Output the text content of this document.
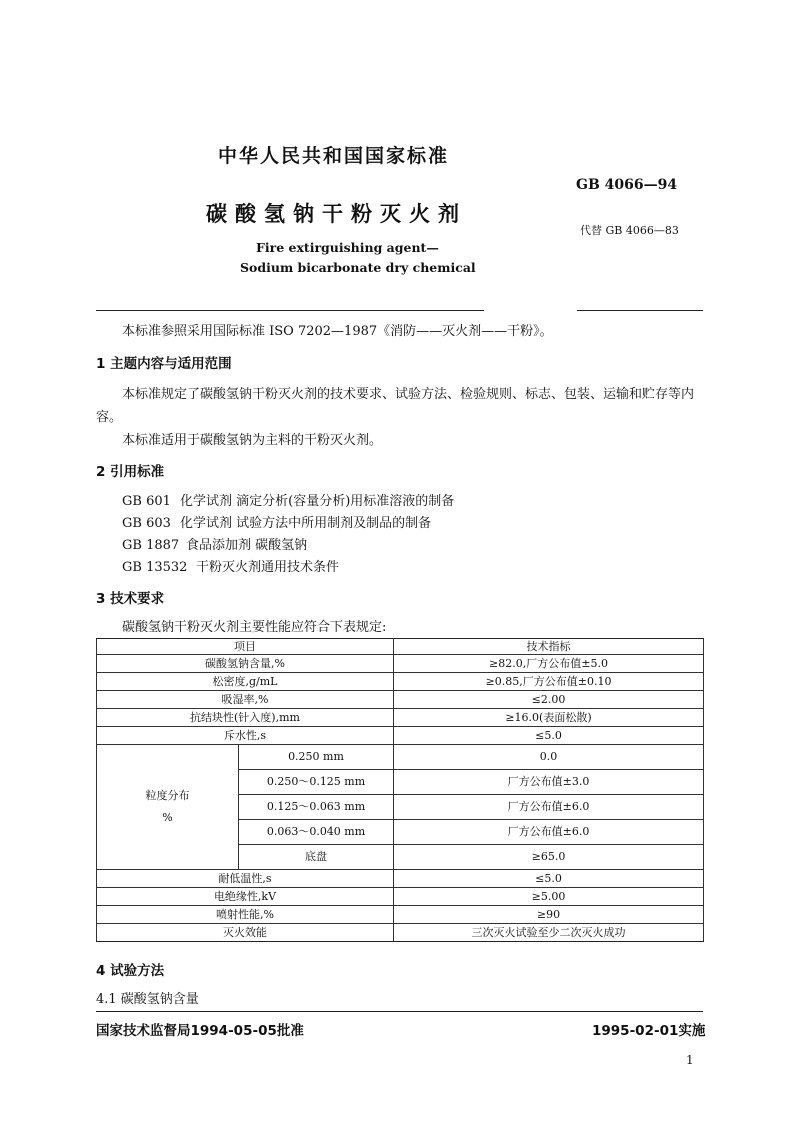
中华人民共和国国家标准
GB 4066—94
碳酸氢钠干粉灭火剂
代替 GB 4066—83
Fire extirguishing agent—
Sodium bicarbonate dry chemical
本标准参照采用国际标准 ISO 7202—1987《消防——灭火剂——干粉》。
1 主题内容与适用范围
本标准规定了碳酸氢钠干粉灭火剂的技术要求、试验方法、检验规则、标志、包装、运输和贮存等内
容。
本标准适用于碳酸氢钠为主料的干粉灭火剂。
2 引用标准
GB 601 化学试剂 滴定分析(容量分析)用标准溶液的制备
GB 603 化学试剂 试验方法中所用制剂及制品的制备
GB 1887 食品添加剂 碳酸氢钠
GB 13532 干粉灭火剂通用技术条件
3 技术要求
碳酸氢钠干粉灭火剂主要性能应符合下表规定:
项目		技术指标
碳酸氢钠含量,%		≥82.0,厂方公布值±5.0
松密度,g/mL		≥0.85,厂方公布值±0.10
吸湿率,%		≤2.00
抗结块性(针入度),mm		≥16.0(表面松散)
斥水性,s		≤5.0

粒度分布
%	0.250 mm	0.0
	0.250～0.125 mm	厂方公布值±3.0
	0.125～0.063 mm	厂方公布值±6.0
	0.063～0.040 mm	厂方公布值±6.0
	底盘	≥65.0
耐低温性,s		≤5.0
电绝缘性,kV		≥5.00
喷射性能,%		≥90
灭火效能		三次灭火试验至少二次灭火成功
4 试验方法
4.1 碳酸氢钠含量
国家技术监督局1994-05-05批准	1995-02-01实施
1
